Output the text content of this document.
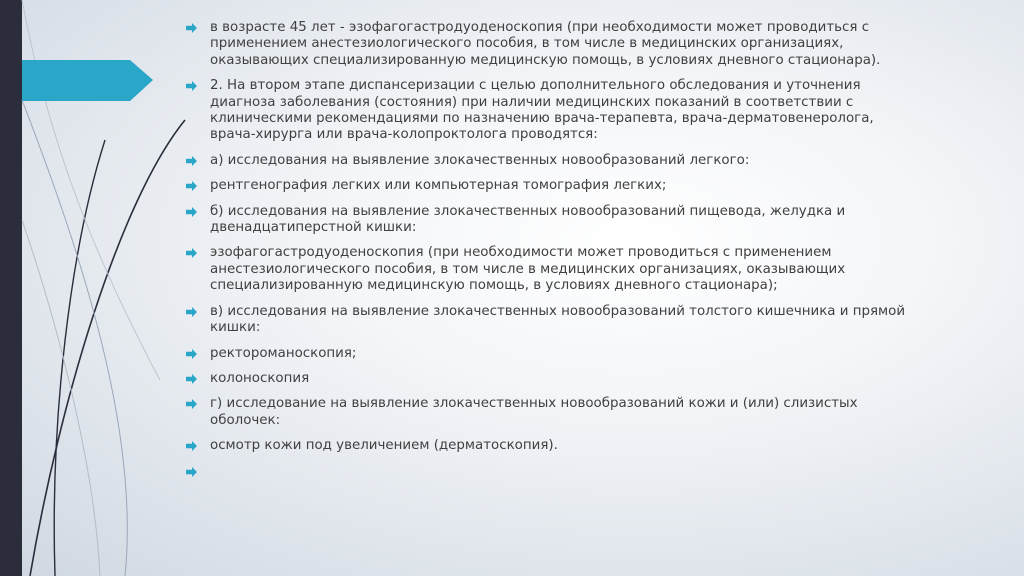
в возрасте 45 лет - эзофагогастродуоденоскопия (при необходимости может проводиться с применением анестезиологического пособия, в том числе в медицинских организациях, оказывающих специализированную медицинскую помощь, в условиях дневного стационара).
2. На втором этапе диспансеризации с целью дополнительного обследования и уточнения диагноза заболевания (состояния) при наличии медицинских показаний в соответствии с клиническими рекомендациями по назначению врача-терапевта, врача-дерматовенеролога, врача-хирурга или врача-колопроктолога проводятся:
а) исследования на выявление злокачественных новообразований легкого:
рентгенография легких или компьютерная томография легких;
б) исследования на выявление злокачественных новообразований пищевода, желудка и двенадцатиперстной кишки:
эзофагогастродуоденоскопия (при необходимости может проводиться с применением анестезиологического пособия, в том числе в медицинских организациях, оказывающих специализированную медицинскую помощь, в условиях дневного стационара);
в) исследования на выявление злокачественных новообразований толстого кишечника и прямой кишки:
ректороманоскопия;
колоноскопия
г) исследование на выявление злокачественных новообразований кожи и (или) слизистых оболочек:
осмотр кожи под увеличением (дерматоскопия).
